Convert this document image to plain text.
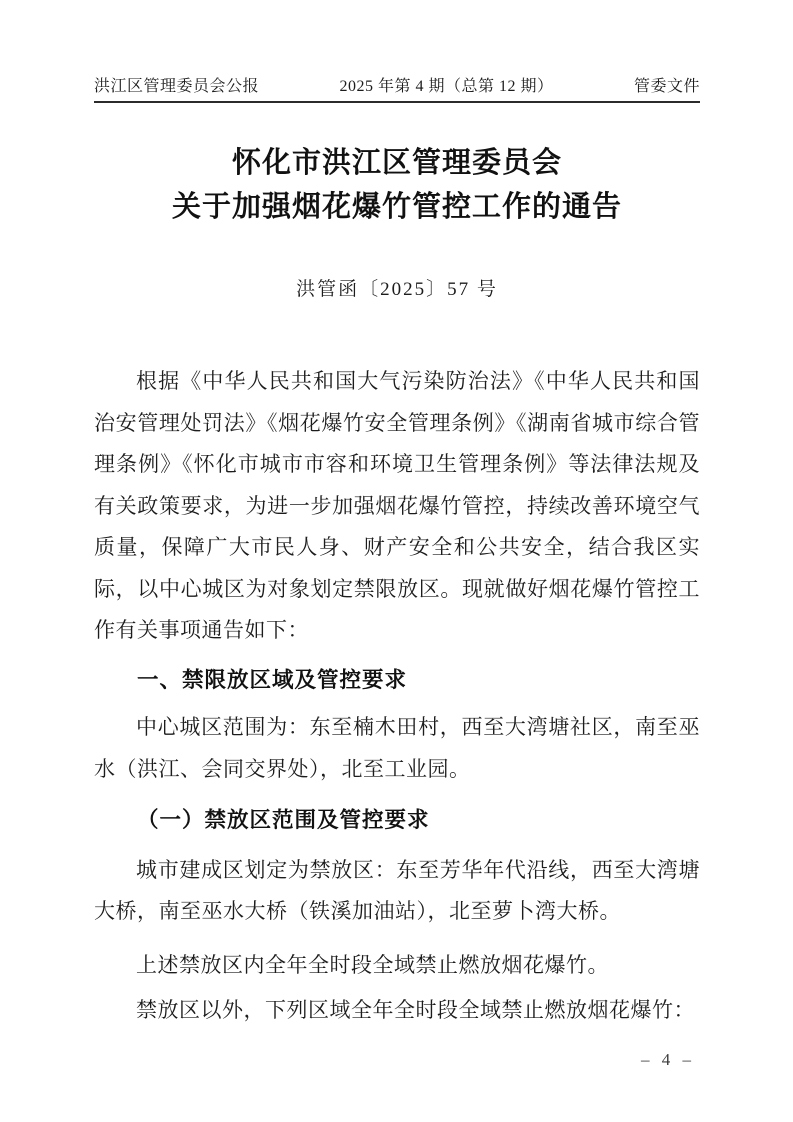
洪江区管理委员会公报	2025 年第 4 期（总第 12 期）	管委文件
怀化市洪江区管理委员会
关于加强烟花爆竹管控工作的通告
洪管函〔2025〕57 号

根据《中华人民共和国大气污染防治法》《中华人民共和国治安管理处罚法》《烟花爆竹安全管理条例》《湖南省城市综合管理条例》《怀化市城市市容和环境卫生管理条例》等法律法规及有关政策要求，为进一步加强烟花爆竹管控，持续改善环境空气质量，保障广大市民人身、财产安全和公共安全，结合我区实际，以中心城区为对象划定禁限放区。现就做好烟花爆竹管控工作有关事项通告如下：

一、禁限放区域及管控要求

中心城区范围为：东至楠木田村，西至大湾塘社区，南至巫水（洪江、会同交界处），北至工业园。

（一）禁放区范围及管控要求

城市建成区划定为禁放区：东至芳华年代沿线，西至大湾塘大桥，南至巫水大桥（铁溪加油站），北至萝卜湾大桥。

上述禁放区内全年全时段全域禁止燃放烟花爆竹。

禁放区以外，下列区域全年全时段全域禁止燃放烟花爆竹：

– 4 –
